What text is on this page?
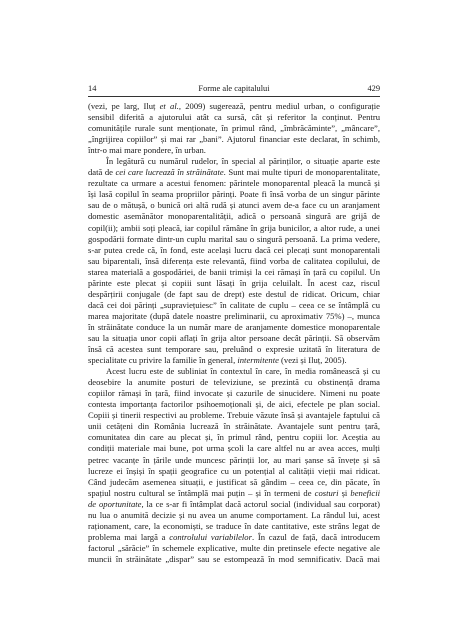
14	Forme ale capitalului	429
(vezi, pe larg, Iluț et al., 2009) sugerează, pentru mediul urban, o configurație
sensibil diferită a ajutorului atât ca sursă, cât și referitor la conținut. Pentru
comunitățile rurale sunt menționate, în primul rând, „îmbrăcăminte”, „mâncare”,
„îngrijirea copiilor” și mai rar „bani”. Ajutorul financiar este declarat, în schimb,
într-o mai mare pondere, în urban.
În legătură cu numărul rudelor, în special al părinților, o situație aparte este
dată de cei care lucrează în străinătate. Sunt mai multe tipuri de monoparentalitate,
rezultate ca urmare a acestui fenomen: părintele monoparental pleacă la muncă și
își lasă copilul în seama propriilor părinți. Poate fi însă vorba de un singur părinte
sau de o mătușă, o bunică ori altă rudă și atunci avem de-a face cu un aranjament
domestic asemănător monoparentalității, adică o persoană singură are grijă de
copil(ii); ambii soți pleacă, iar copilul rămâne în grija bunicilor, a altor rude, a unei
gospodării formate dintr-un cuplu marital sau o singură persoană. La prima vedere,
s-ar putea crede că, în fond, este același lucru dacă cei plecați sunt monoparentali
sau biparentali, însă diferența este relevantă, fiind vorba de calitatea copilului, de
starea materială a gospodăriei, de banii trimiși la cei rămași în țară cu copilul. Un
părinte este plecat și copiii sunt lăsați în grija celuilalt. În acest caz, riscul
despărțirii conjugale (de fapt sau de drept) este destul de ridicat. Oricum, chiar
dacă cei doi părinți „supraviețuiesc” în calitate de cuplu – ceea ce se întâmplă cu
marea majoritate (după datele noastre preliminarii, cu aproximativ 75%) –, munca
în străinătate conduce la un număr mare de aranjamente domestice monoparentale
sau la situația unor copii aflați în grija altor persoane decât părinții. Să observăm
însă că acestea sunt temporare sau, preluând o expresie uzitată în literatura de
specialitate cu privire la familie în general, intermitente (vezi și Iluț, 2005).
Acest lucru este de subliniat în contextul în care, în media românească și cu
deosebire la anumite posturi de televiziune, se prezintă cu obstinență drama
copiilor rămași în țară, fiind invocate și cazurile de sinucidere. Nimeni nu poate
contesta importanța factorilor psihoemoționali și, de aici, efectele pe plan social.
Copiii și tinerii respectivi au probleme. Trebuie văzute însă și avantajele faptului că
unii cetățeni din România lucrează în străinătate. Avantajele sunt pentru țară,
comunitatea din care au plecat și, în primul rând, pentru copiii lor. Aceștia au
condiții materiale mai bune, pot urma școli la care altfel nu ar avea acces, mulți
petrec vacanțe în țările unde muncesc părinții lor, au mari șanse să învețe și să
lucreze ei înșiși în spații geografice cu un potențial al calității vieții mai ridicat.
Când judecăm asemenea situații, e justificat să gândim – ceea ce, din păcate, în
spațiul nostru cultural se întâmplă mai puțin – și în termeni de costuri și beneficii
de oportunitate, la ce s-ar fi întâmplat dacă actorul social (individual sau corporat)
nu lua o anumită decizie și nu avea un anume comportament. La rândul lui, acest
raționament, care, la economiști, se traduce în date cantitative, este strâns legat de
problema mai largă a controlului variabilelor. În cazul de față, dacă introducem
factorul „sărăcie” în schemele explicative, multe din pretinsele efecte negative ale
muncii în străinătate „dispar” sau se estompează în mod semnificativ. Dacă mai
